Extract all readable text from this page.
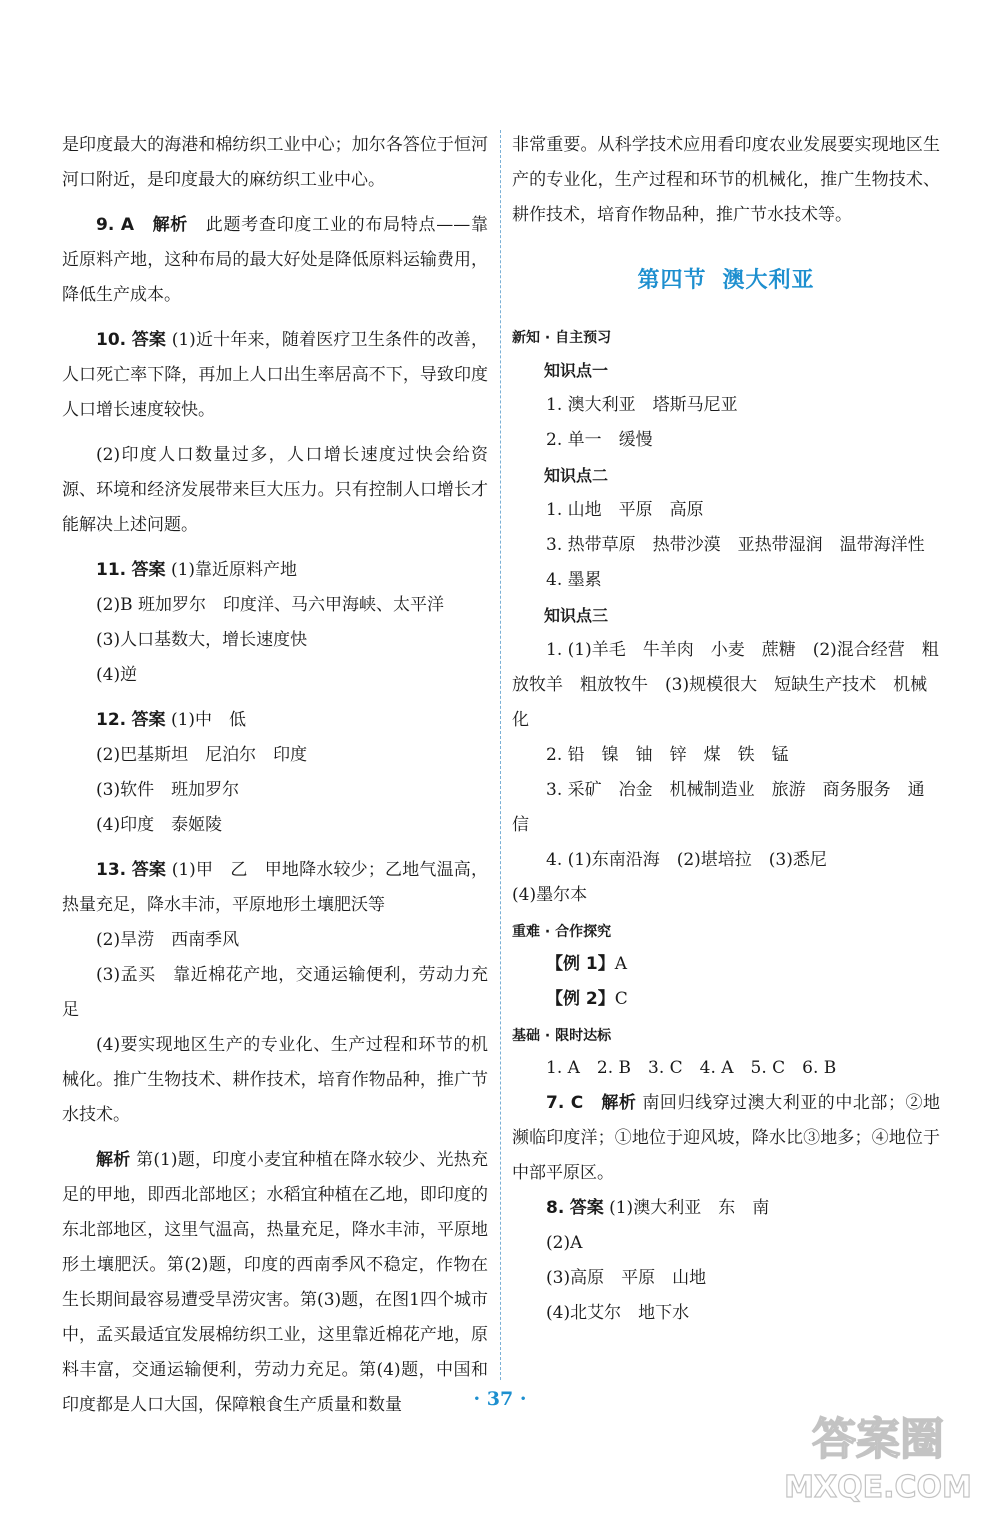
是印度最大的海港和棉纺织工业中心；加尔各答位于恒河河口附近，是印度最大的麻纺织工业中心。

9. A　 解析　 此题考查印度工业的布局特点——靠近原料产地，这种布局的最大好处是降低原料运输费用，降低生产成本。

10. 答案 (1)近十年来，随着医疗卫生条件的改善，人口死亡率下降，再加上人口出生率居高不下，导致印度人口增长速度较快。

(2)印度人口数量过多，人口增长速度过快会给资源、环境和经济发展带来巨大压力。只有控制人口增长才能解决上述问题。

11. 答案 (1)靠近原料产地

(2)B 班加罗尔　印度洋、马六甲海峡、太平洋

(3)人口基数大，增长速度快

(4)逆

12. 答案 (1)中　低

(2)巴基斯坦　尼泊尔　印度

(3)软件　班加罗尔

(4)印度　泰姬陵

13. 答案 (1)甲　乙　甲地降水较少；乙地气温高，热量充足，降水丰沛，平原地形土壤肥沃等

(2)旱涝　西南季风

(3)孟买　靠近棉花产地，交通运输便利，劳动力充足

(4)要实现地区生产的专业化、生产过程和环节的机械化。推广生物技术、耕作技术，培育作物品种，推广节水技术。

解析 第(1)题，印度小麦宜种植在降水较少、光热充足的甲地，即西北部地区；水稻宜种植在乙地，即印度的东北部地区，这里气温高，热量充足，降水丰沛，平原地形土壤肥沃。第(2)题，印度的西南季风不稳定，作物在生长期间最容易遭受旱涝灾害。第(3)题，在图1四个城市中，孟买最适宜发展棉纺织工业，这里靠近棉花产地，原料丰富，交通运输便利，劳动力充足。第(4)题，中国和印度都是人口大国，保障粮食生产质量和数量

非常重要。从科学技术应用看印度农业发展要实现地区生产的专业化，生产过程和环节的机械化，推广生物技术、耕作技术，培育作物品种，推广节水技术等。

第四节 澳大利亚
新知 · 自主预习

知识点一

1. 澳大利亚　塔斯马尼亚

2. 单一　缓慢

知识点二

1. 山地　平原　高原

3. 热带草原　热带沙漠　亚热带湿润　温带海洋性

4. 墨累

知识点三

1. (1)羊毛　牛羊肉　小麦　蔗糖　(2)混合经营　粗放牧羊　粗放牧牛　(3)规模很大　短缺生产技术　机械化

2. 铅　镍　铀　锌　煤　铁　锰

3. 采矿　冶金　机械制造业　旅游　商务服务　通信

4. (1)东南沿海　(2)堪培拉　(3)悉尼

(4)墨尔本

重难 · 合作探究

【例 1】A

【例 2】C

基础 · 限时达标

1. A　2. B　3. C　4. A　5. C　6. B

7. C　 解析 南回归线穿过澳大利亚的中北部；②地濒临印度洋；①地位于迎风坡，降水比③地多；④地位于中部平原区。

8. 答案 (1)澳大利亚　东　南

(2)A

(3)高原　平原　山地

(4)北艾尔　地下水

· 37 ·
答案圈
MXQE.COM
